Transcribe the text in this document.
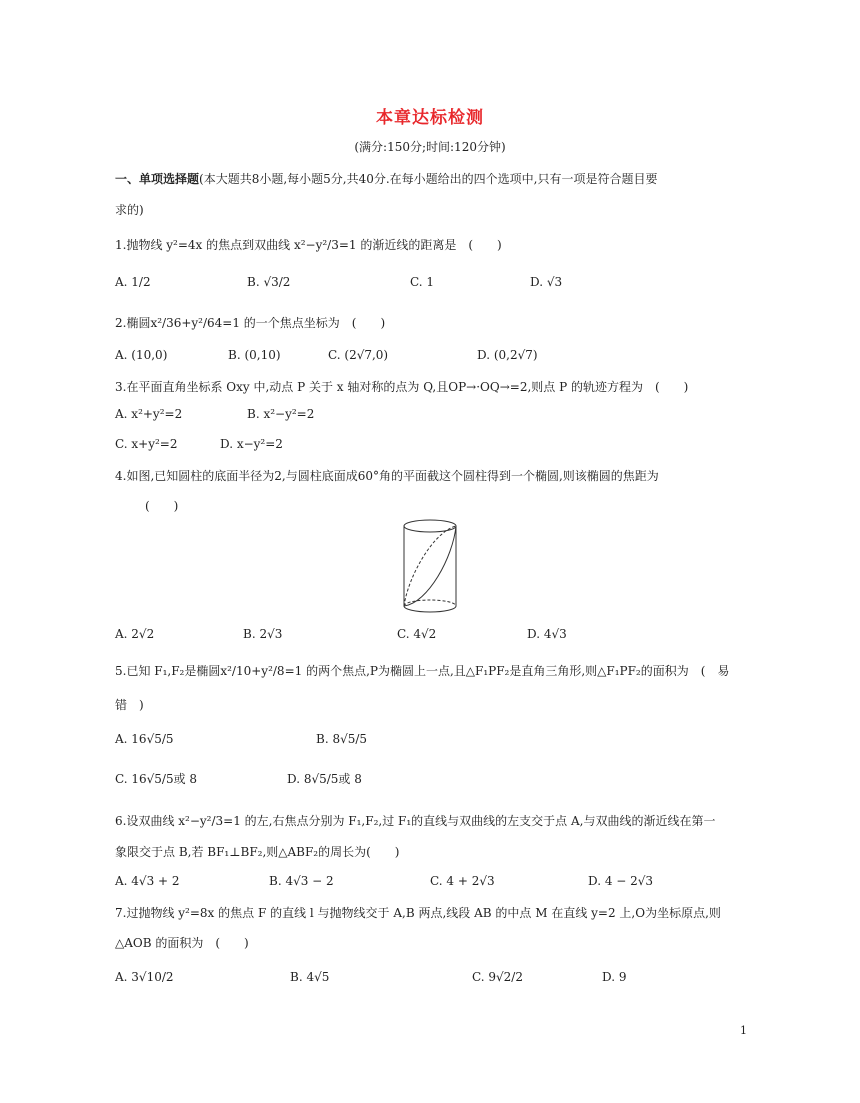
本章达标检测
(满分:150分;时间:120分钟)
一、单项选择题(本大题共8小题,每小题5分,共40分.在每小题给出的四个选项中,只有一项是符合题目要
求的)
1.抛物线 y²=4x 的焦点到双曲线 x²−y²/3=1 的渐近线的距离是　(　　)
A. 1/2	B. √3/2	C. 1	D. √3
2.椭圆x²/36+y²/64=1 的一个焦点坐标为　(　　)
A. (10,0)	B. (0,10)	C. (2√7,0)	D. (0,2√7)
3.在平面直角坐标系 Oxy 中,动点 P 关于 x 轴对称的点为 Q,且OP→·OQ→=2,则点 P 的轨迹方程为　(　　)
A. x²+y²=2	B. x²−y²=2
C. x+y²=2	D. x−y²=2
4.如图,已知圆柱的底面半径为2,与圆柱底面成60°角的平面截这个圆柱得到一个椭圆,则该椭圆的焦距为
(　　)
A. 2√2	B. 2√3	C. 4√2	D. 4√3
5.已知 F₁,F₂是椭圆x²/10+y²/8=1 的两个焦点,P为椭圆上一点,且△F₁PF₂是直角三角形,则△F₁PF₂的面积为　(　易
错　)
A. 16√5/5	B. 8√5/5
C. 16√5/5或 8	D. 8√5/5或 8
6.设双曲线 x²−y²/3=1 的左,右焦点分别为 F₁,F₂,过 F₁的直线与双曲线的左支交于点 A,与双曲线的渐近线在第一
象限交于点 B,若 BF₁⊥BF₂,则△ABF₂的周长为(　　)
A. 4√3 + 2	B. 4√3 − 2	C. 4 + 2√3	D. 4 − 2√3
7.过抛物线 y²=8x 的焦点 F 的直线 l 与抛物线交于 A,B 两点,线段 AB 的中点 M 在直线 y=2 上,O为坐标原点,则
△AOB 的面积为　(　　)
A. 3√10/2	B. 4√5	C. 9√2/2	D. 9
1
